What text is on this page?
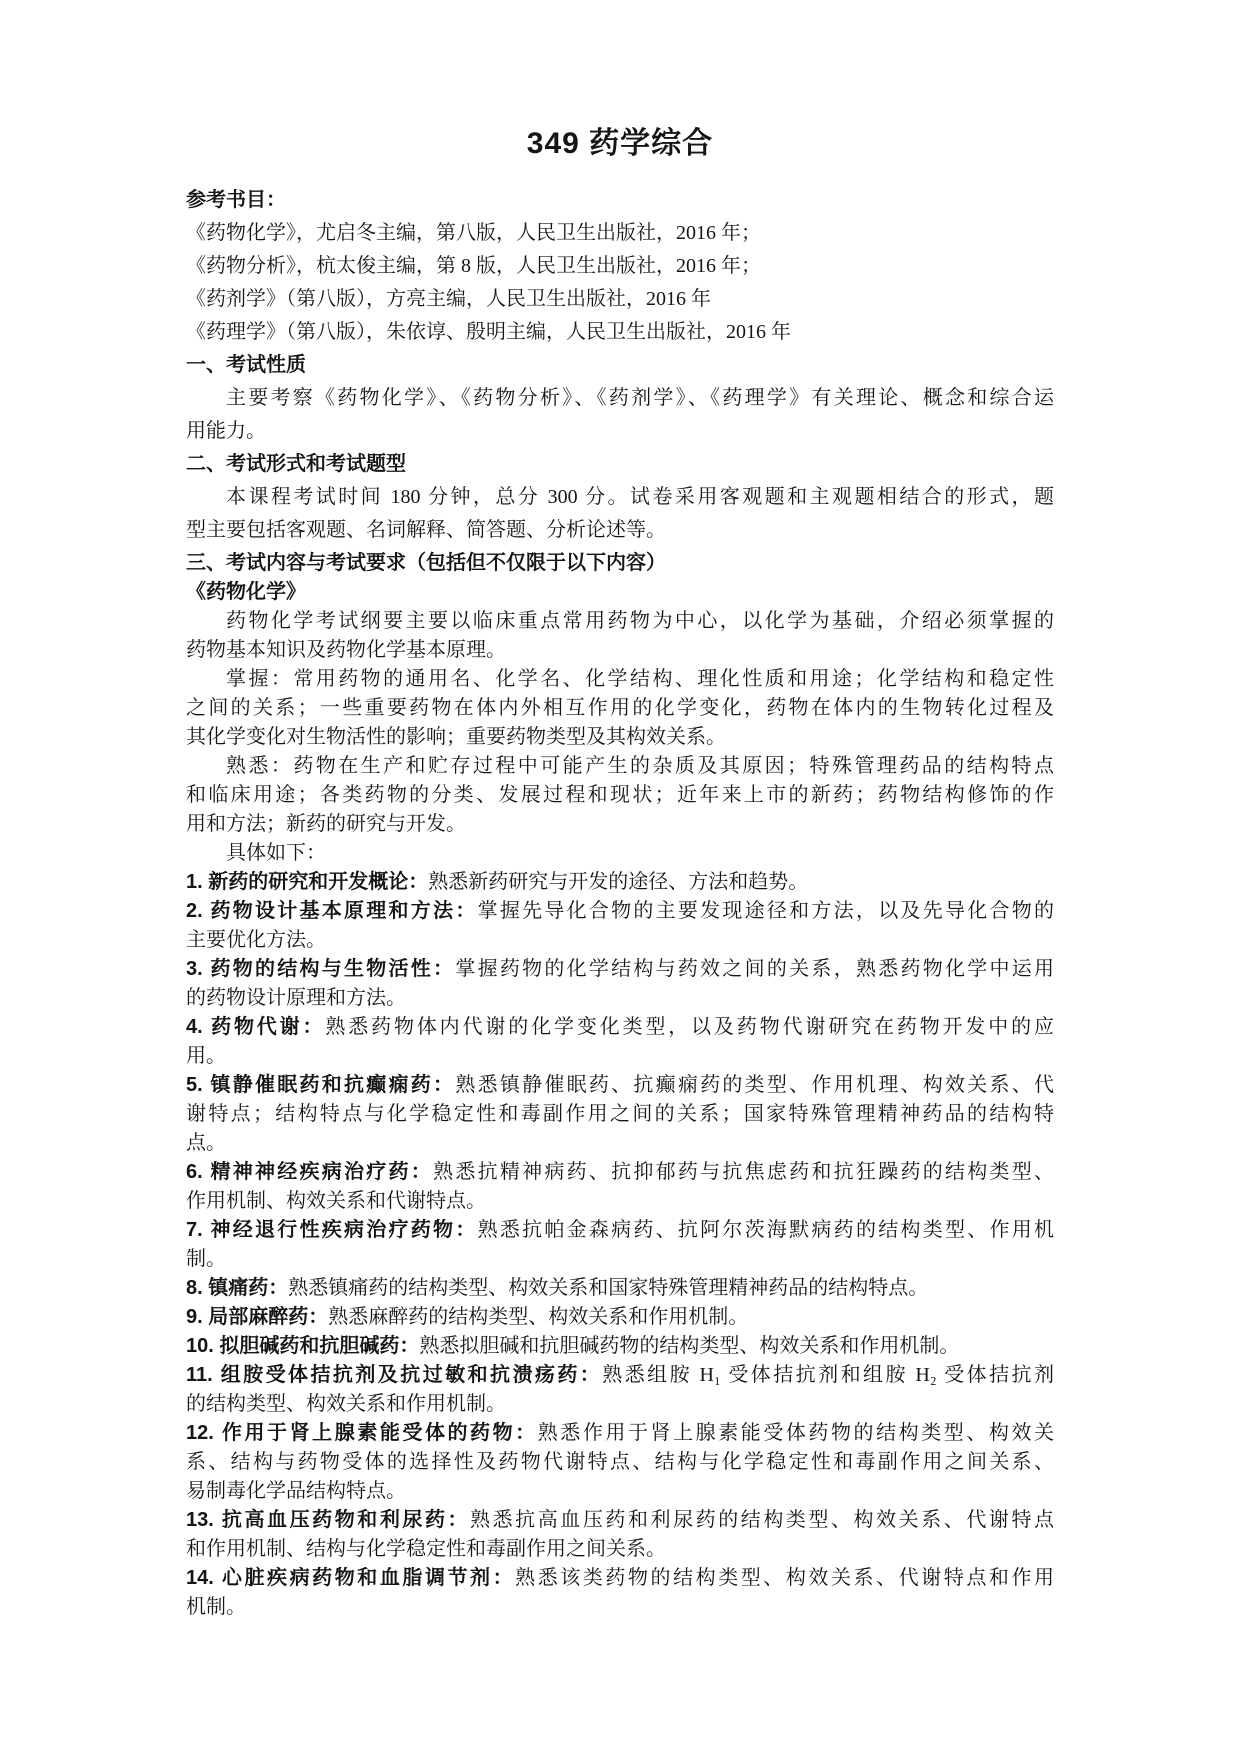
349 药学综合
参考书目：
《药物化学》，尤启冬主编，第八版，人民卫生出版社，2016 年；
《药物分析》，杭太俊主编，第 8 版，人民卫生出版社，2016 年；
《药剂学》（第八版），方亮主编，人民卫生出版社，2016 年
《药理学》（第八版），朱依谆、殷明主编，人民卫生出版社，2016 年
一、考试性质
主要考察《药物化学》、《药物分析》、《药剂学》、《药理学》有关理论、概念和综合运
用能力。
二、考试形式和考试题型
本课程考试时间 180 分钟，总分 300 分。试卷采用客观题和主观题相结合的形式，题
型主要包括客观题、名词解释、简答题、分析论述等。
三、考试内容与考试要求（包括但不仅限于以下内容）
《药物化学》
药物化学考试纲要主要以临床重点常用药物为中心，以化学为基础，介绍必须掌握的
药物基本知识及药物化学基本原理。
掌握：常用药物的通用名、化学名、化学结构、理化性质和用途；化学结构和稳定性
之间的关系；一些重要药物在体内外相互作用的化学变化，药物在体内的生物转化过程及
其化学变化对生物活性的影响；重要药物类型及其构效关系。
熟悉：药物在生产和贮存过程中可能产生的杂质及其原因；特殊管理药品的结构特点
和临床用途；各类药物的分类、发展过程和现状；近年来上市的新药；药物结构修饰的作
用和方法；新药的研究与开发。
具体如下：
1. 新药的研究和开发概论：熟悉新药研究与开发的途径、方法和趋势。
2. 药物设计基本原理和方法：掌握先导化合物的主要发现途径和方法，以及先导化合物的
主要优化方法。
3. 药物的结构与生物活性：掌握药物的化学结构与药效之间的关系，熟悉药物化学中运用
的药物设计原理和方法。
4. 药物代谢：熟悉药物体内代谢的化学变化类型，以及药物代谢研究在药物开发中的应
用。
5. 镇静催眠药和抗癫痫药：熟悉镇静催眠药、抗癫痫药的类型、作用机理、构效关系、代
谢特点；结构特点与化学稳定性和毒副作用之间的关系；国家特殊管理精神药品的结构特
点。
6. 精神神经疾病治疗药：熟悉抗精神病药、抗抑郁药与抗焦虑药和抗狂躁药的结构类型、
作用机制、构效关系和代谢特点。
7. 神经退行性疾病治疗药物：熟悉抗帕金森病药、抗阿尔茨海默病药的结构类型、作用机
制。
8. 镇痛药：熟悉镇痛药的结构类型、构效关系和国家特殊管理精神药品的结构特点。
9. 局部麻醉药：熟悉麻醉药的结构类型、构效关系和作用机制。
10. 拟胆碱药和抗胆碱药：熟悉拟胆碱和抗胆碱药物的结构类型、构效关系和作用机制。
11. 组胺受体拮抗剂及抗过敏和抗溃疡药：熟悉组胺 H₁ 受体拮抗剂和组胺 H₂ 受体拮抗剂
的结构类型、构效关系和作用机制。
12. 作用于肾上腺素能受体的药物：熟悉作用于肾上腺素能受体药物的结构类型、构效关
系、结构与药物受体的选择性及药物代谢特点、结构与化学稳定性和毒副作用之间关系、
易制毒化学品结构特点。
13. 抗高血压药物和利尿药：熟悉抗高血压药和利尿药的结构类型、构效关系、代谢特点
和作用机制、结构与化学稳定性和毒副作用之间关系。
14. 心脏疾病药物和血脂调节剂：熟悉该类药物的结构类型、构效关系、代谢特点和作用
机制。
